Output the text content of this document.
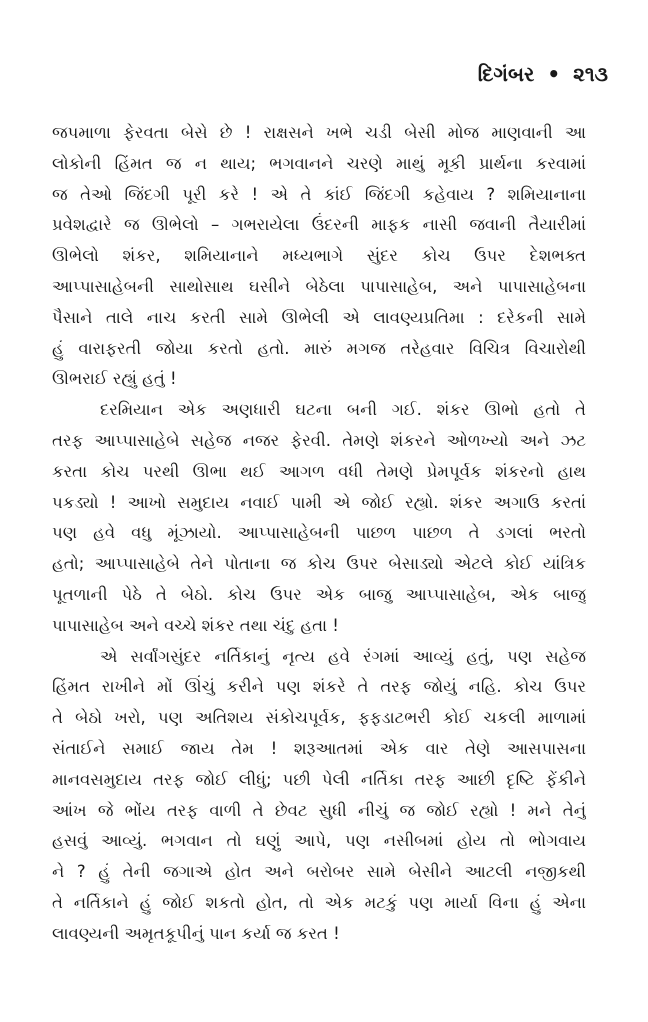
દિગંબર • ૨૧૩
જપમાળા ફેરવતા બેસે છે ! રાક્ષસને ખભે ચડી બેસી મોજ માણવાની આ
લોકોની હિંમત જ ન થાય; ભગવાનને ચરણે માથું મૂકી પ્રાર્થના કરવામાં
જ તેઓ જિંદગી પૂરી કરે ! એ તે કાંઈ જિંદગી કહેવાય ? શમિયાનાના
પ્રવેશદ્વારે જ ઊભેલો – ગભરાયેલા ઉંદરની માફક નાસી જવાની તૈયારીમાં
ઊભેલો શંકર, શમિયાનાને મધ્યભાગે સુંદર કોચ ઉપર દેશભક્ત
આપ્પાસાહેબની સાથોસાથ ઘસીને બેઠેલા પાપાસાહેબ, અને પાપાસાહેબના
પૈસાને તાલે નાચ કરતી સામે ઊભેલી એ લાવણ્યપ્રતિમા : દરેકની સામે
હું વારાફરતી જોયા કરતો હતો. મારું મગજ તરેહવાર વિચિત્ર વિચારોથી
ઊભરાઈ રહ્યું હતું !
દરમિયાન એક અણધારી ઘટના બની ગઈ. શંકર ઊભો હતો તે
તરફ આપ્પાસાહેબે સહેજ નજર ફેરવી. તેમણે શંકરને ઓળખ્યો અને ઝટ
કરતા કોચ પરથી ઊભા થઈ આગળ વધી તેમણે પ્રેમપૂર્વક શંકરનો હાથ
પકડ્યો ! આખો સમુદાય નવાઈ પામી એ જોઈ રહ્યો. શંકર અગાઉ કરતાં
પણ હવે વધુ મૂંઝાયો. આપ્પાસાહેબની પાછળ પાછળ તે ડગલાં ભરતો
હતો; આપ્પાસાહેબે તેને પોતાના જ કોચ ઉપર બેસાડ્યો એટલે કોઈ યાંત્રિક
પૂતળાની પેઠે તે બેઠો. કોચ ઉપર એક બાજુ આપ્પાસાહેબ, એક બાજુ
પાપાસાહેબ અને વચ્ચે શંકર તથા ચંદુ હતા !
એ સર્વાંગસુંદર નર્તિકાનું નૃત્ય હવે રંગમાં આવ્યું હતું, પણ સહેજ
હિંમત રાખીને મોં ઊંચું કરીને પણ શંકરે તે તરફ જોયું નહિ. કોચ ઉપર
તે બેઠો ખરો, પણ અતિશય સંકોચપૂર્વક, ફફડાટભરી કોઈ ચકલી માળામાં
સંતાઈને સમાઈ જાય તેમ ! શરૂઆતમાં એક વાર તેણે આસપાસના
માનવસમુદાય તરફ જોઈ લીધું; પછી પેલી નર્તિકા તરફ આછી દૃષ્ટિ ફેંકીને
આંખ જે ભોંય તરફ વાળી તે છેવટ સુધી નીચું જ જોઈ રહ્યો ! મને તેનું
હસવું આવ્યું. ભગવાન તો ઘણું આપે, પણ નસીબમાં હોય તો ભોગવાય
ને ? હું તેની જગાએ હોત અને બરોબર સામે બેસીને આટલી નજીકથી
તે નર્તિકાને હું જોઈ શકતો હોત, તો એક મટકું પણ માર્યા વિના હું એના
લાવણ્યની અમૃતકૂપીનું પાન કર્યા જ કરત !
